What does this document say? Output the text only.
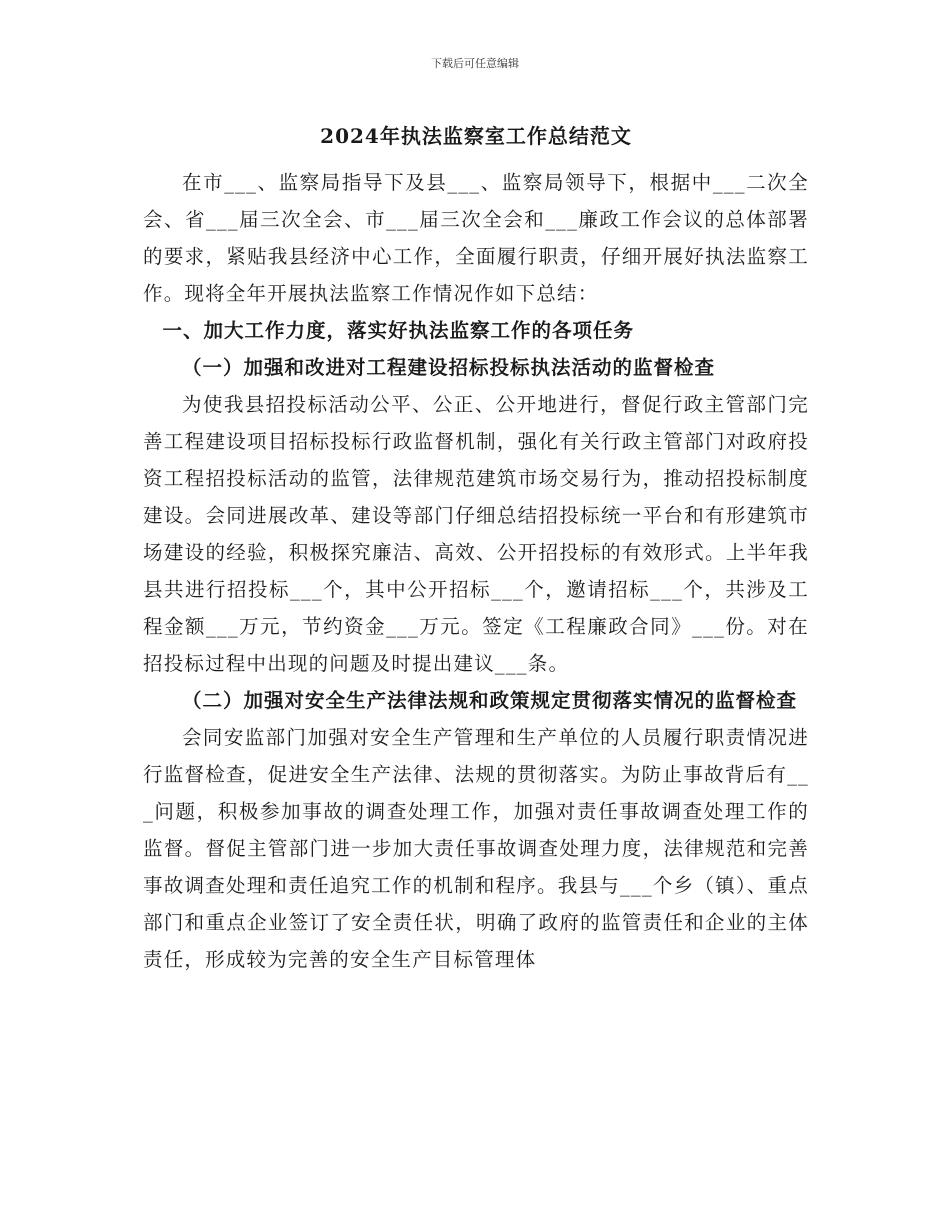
下载后可任意编辑
2024年执法监察室工作总结范文

在市___、监察局指导下及县___、监察局领导下，根据中___二次全会、省___届三次全会、市___届三次全会和___廉政工作会议的总体部署的要求，紧贴我县经济中心工作，全面履行职责，仔细开展好执法监察工作。现将全年开展执法监察工作情况作如下总结：

一、加大工作力度，落实好执法监察工作的各项任务

（一）加强和改进对工程建设招标投标执法活动的监督检查

为使我县招投标活动公平、公正、公开地进行，督促行政主管部门完善工程建设项目招标投标行政监督机制，强化有关行政主管部门对政府投资工程招投标活动的监管，法律规范建筑市场交易行为，推动招投标制度建设。会同进展改革、建设等部门仔细总结招投标统一平台和有形建筑市场建设的经验，积极探究廉洁、高效、公开招投标的有效形式。上半年我县共进行招投标___个，其中公开招标___个，邀请招标___个，共涉及工程金额___万元，节约资金___万元。签定《工程廉政合同》___份。对在招投标过程中出现的问题及时提出建议___条。

（二）加强对安全生产法律法规和政策规定贯彻落实情况的监督检查

会同安监部门加强对安全生产管理和生产单位的人员履行职责情况进行监督检查，促进安全生产法律、法规的贯彻落实。为防止事故背后有___问题，积极参加事故的调查处理工作，加强对责任事故调查处理工作的监督。督促主管部门进一步加大责任事故调查处理力度，法律规范和完善事故调查处理和责任追究工作的机制和程序。我县与___个乡（镇）、重点部门和重点企业签订了安全责任状，明确了政府的监管责任和企业的主体责任，形成较为完善的安全生产目标管理体
